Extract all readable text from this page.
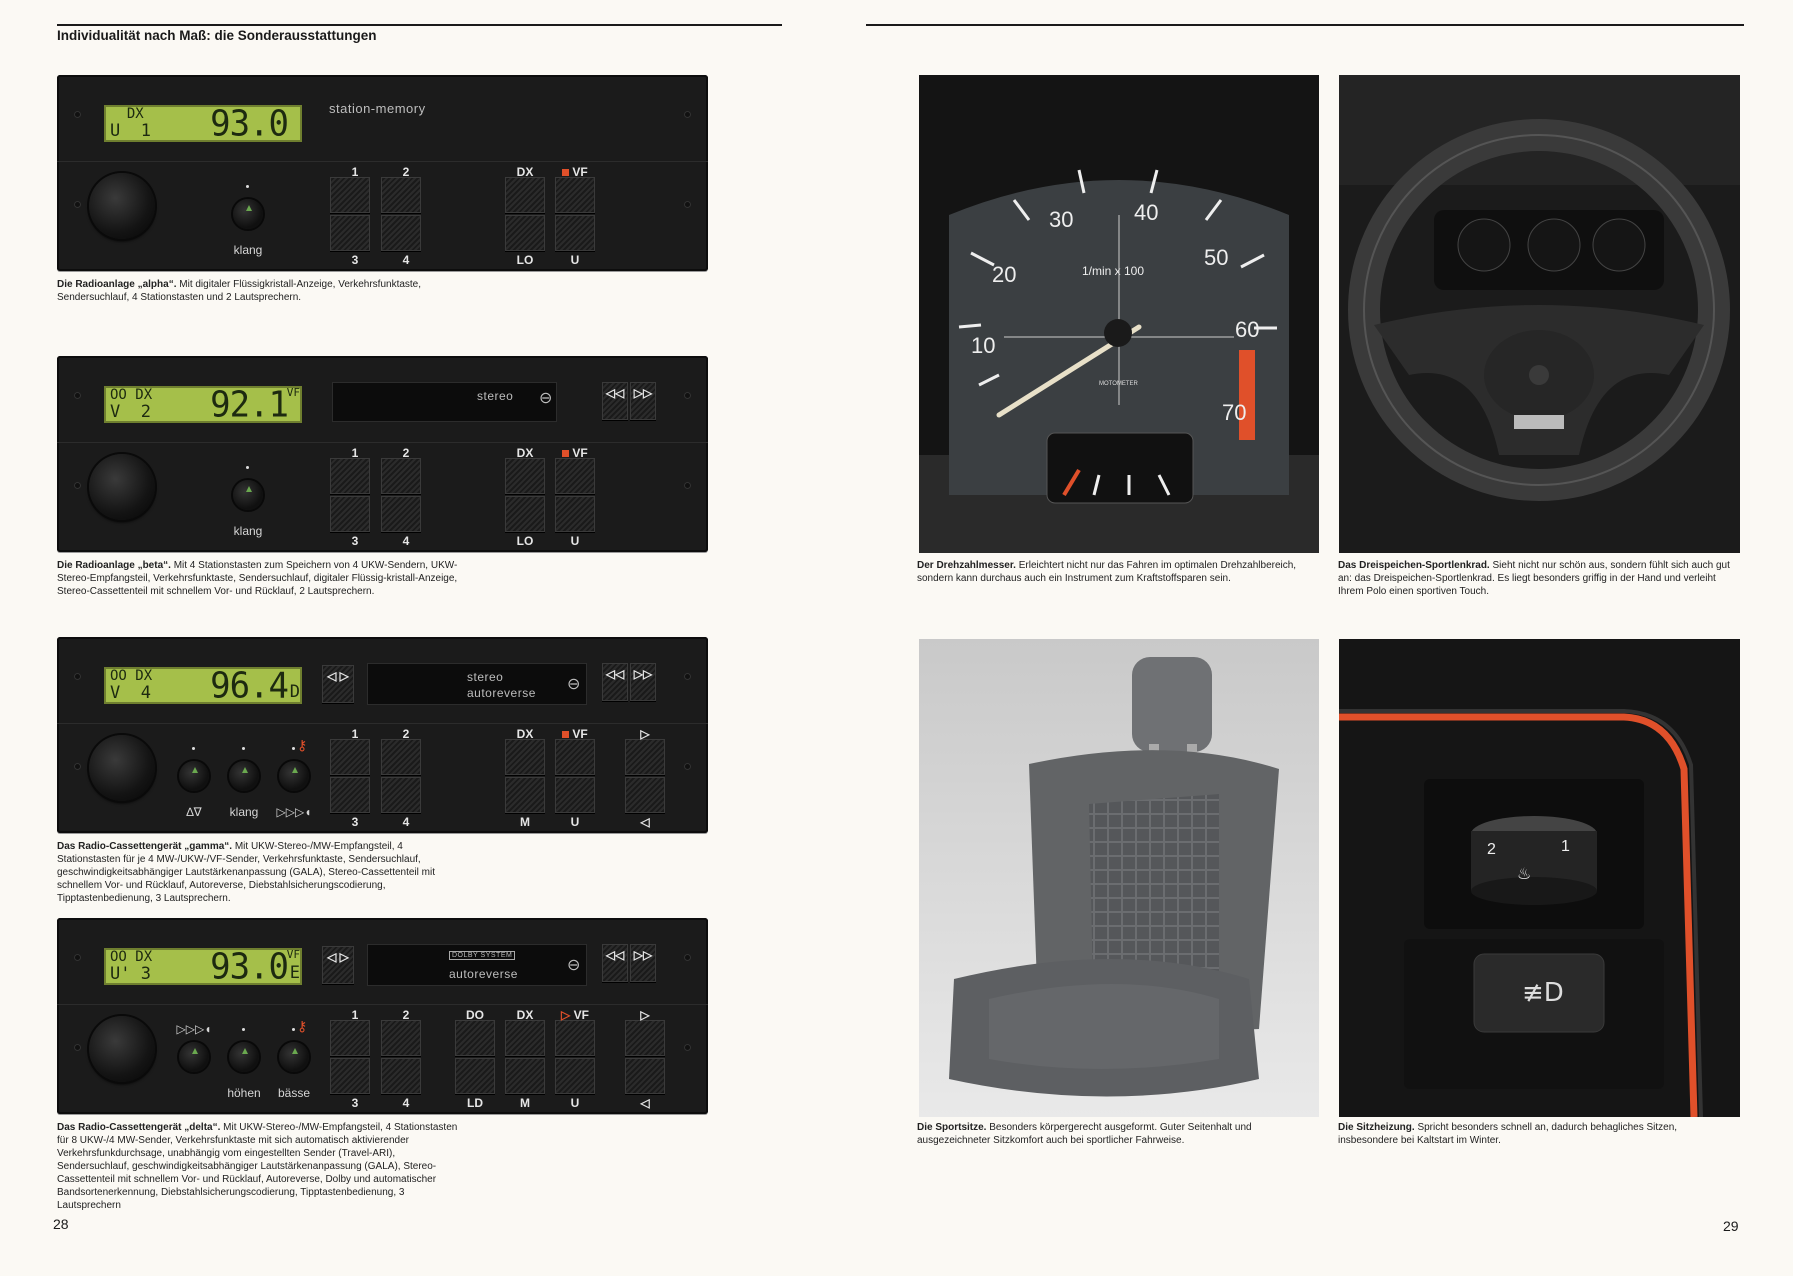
Individualität nach Maß: die Sonderausstattungen
DX
U  1 93.0	station-memory
klang
1	2
3	4
DX	VF
LO	U
Die Radioanlage „alpha“. Mit digitaler Flüssigkristall-Anzeige, Verkehrsfunktaste, Sendersuchlauf, 4 Stationstasten und 2 Lautsprechern.
OO DX
V  2 92.1
VF	stereo ⊖	◁◁ ▷▷
klang
1	2
3	4
DX	VF
LO	U
Die Radioanlage „beta“. Mit 4 Stationstasten zum Speichern von 4 UKW-Sendern, UKW-Stereo-Empfangsteil, Verkehrsfunktaste, Sendersuchlauf, digitaler Flüssig-kristall-Anzeige, Stereo-Cassettenteil mit schnellem Vor- und Rücklauf, 2 Lautsprechern.
OO DX
V  4 96.4 D
◁ ▷	stereo
autoreverse ⊖
◁◁ ▷▷
⚷
∆∇	klang	▷▷▷◖
1	2
3	4
DX	VF
M	U
▷
◁
Das Radio-Cassettengerät „gamma“. Mit UKW-Stereo-/MW-Empfangsteil, 4 Stationstasten für je 4 MW-/UKW-/VF-Sender, Verkehrsfunktaste, Sendersuchlauf, geschwindigkeitsabhängiger Lautstärkenanpassung (GALA), Stereo-Cassettenteil mit schnellem Vor- und Rücklauf, Autoreverse, Diebstahlsicherungscodierung, Tipptastenbedienung, 3 Lautsprechern.
OO DX
U' 3 93.0
VF
E
◁ ▷	DOLBY SYSTEM
autoreverse	⊖
◁◁ ▷▷
⚷
▷▷▷◖
höhen	bässe
1	2
3	4
DO	DX	▷ VF
LD	M	U
▷
◁
Das Radio-Cassettengerät „delta“. Mit UKW-Stereo-/MW-Empfangsteil, 4 Stationstasten für 8 UKW-/4 MW-Sender, Verkehrsfunktaste mit sich automatisch aktivierender Verkehrsfunkdurchsage, unabhängig vom eingestellten Sender (Travel-ARI), Sendersuchlauf, geschwindigkeitsabhängiger Lautstärkenanpassung (GALA), Stereo-Cassettenteil mit schnellem Vor- und Rücklauf, Autoreverse, Dolby und automatischer Bandsortenerkennung, Diebstahlsicherungscodierung, Tipptastenbedienung, 3 Lautsprechern
28
10
20
30	40
50
60
70
1/min x 100
MOTOMETER
Der Drehzahlmesser. Erleichtert nicht nur das Fahren im optimalen Drehzahlbereich, sondern kann durchaus auch ein Instrument zum Kraftstoffsparen sein.
Das Dreispeichen-Sportlenkrad. Sieht nicht nur schön aus, sondern fühlt sich auch gut an: das Dreispeichen-Sportlenkrad. Es liegt besonders griffig in der Hand und verleiht Ihrem Polo einen sportiven Touch.
Die Sportsitze. Besonders körpergerecht ausgeformt. Guter Seitenhalt und ausgezeichneter Sitzkomfort auch bei sportlicher Fahrweise.
2	1
♨
≢D
Die Sitzheizung. Spricht besonders schnell an, dadurch behagliches Sitzen, insbesondere bei Kaltstart im Winter.
29
